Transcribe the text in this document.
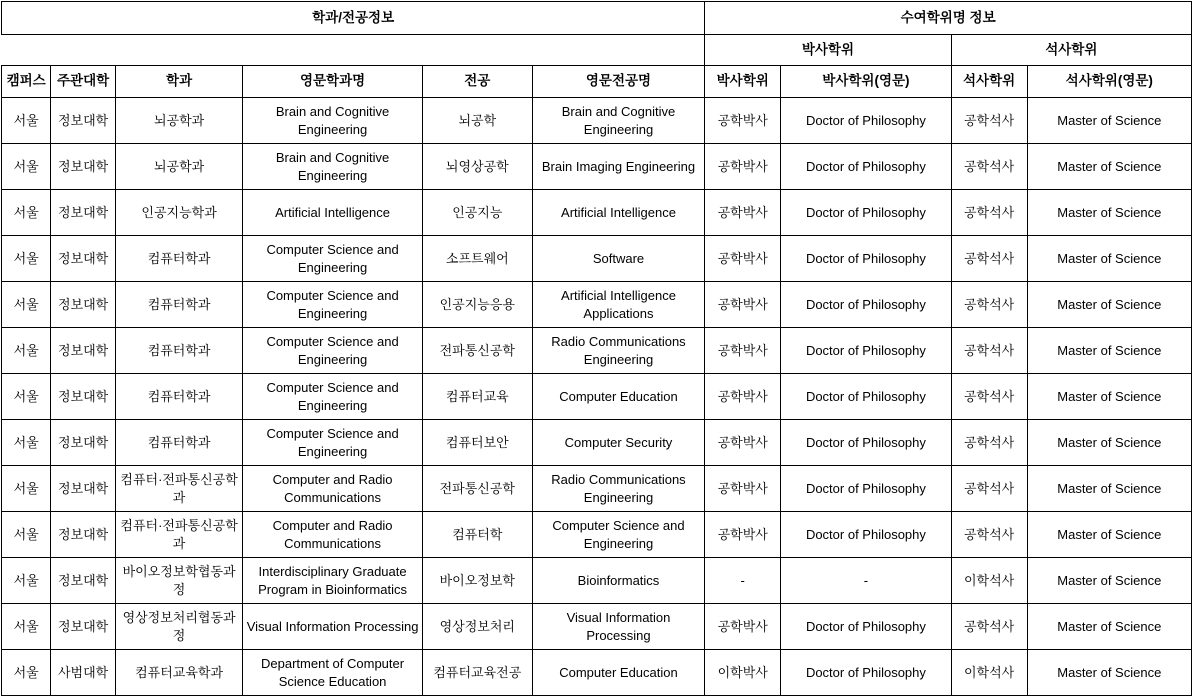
학과/전공정보						수여학위명 정보			
						박사학위		석사학위	
캠퍼스	주관대학	학과	영문학과명	전공	영문전공명	박사학위	박사학위(영문)	석사학위	석사학위(영문)
서울	정보대학	뇌공학과	Brain and Cognitive Engineering	뇌공학	Brain and Cognitive Engineering	공학박사	Doctor of Philosophy	공학석사	Master of Science
서울	정보대학	뇌공학과	Brain and Cognitive Engineering	뇌영상공학	Brain Imaging Engineering	공학박사	Doctor of Philosophy	공학석사	Master of Science
서울	정보대학	인공지능학과	Artificial Intelligence	인공지능	Artificial Intelligence	공학박사	Doctor of Philosophy	공학석사	Master of Science
서울	정보대학	컴퓨터학과	Computer Science and Engineering	소프트웨어	Software	공학박사	Doctor of Philosophy	공학석사	Master of Science
서울	정보대학	컴퓨터학과	Computer Science and Engineering	인공지능응용	Artificial Intelligence Applications	공학박사	Doctor of Philosophy	공학석사	Master of Science
서울	정보대학	컴퓨터학과	Computer Science and Engineering	전파통신공학	Radio Communications Engineering	공학박사	Doctor of Philosophy	공학석사	Master of Science
서울	정보대학	컴퓨터학과	Computer Science and Engineering	컴퓨터교육	Computer Education	공학박사	Doctor of Philosophy	공학석사	Master of Science
서울	정보대학	컴퓨터학과	Computer Science and Engineering	컴퓨터보안	Computer Security	공학박사	Doctor of Philosophy	공학석사	Master of Science
서울	정보대학	컴퓨터·전파통신공학과	Computer and Radio Communications	전파통신공학	Radio Communications Engineering	공학박사	Doctor of Philosophy	공학석사	Master of Science
서울	정보대학	컴퓨터·전파통신공학과	Computer and Radio Communications	컴퓨터학	Computer Science and Engineering	공학박사	Doctor of Philosophy	공학석사	Master of Science
서울	정보대학	바이오정보학협동과정	Interdisciplinary Graduate Program in Bioinformatics	바이오정보학	Bioinformatics	-	-	이학석사	Master of Science
서울	정보대학	영상정보처리협동과정	Visual Information Processing	영상정보처리	Visual Information Processing	공학박사	Doctor of Philosophy	공학석사	Master of Science
서울	사범대학	컴퓨터교육학과	Department of Computer Science Education	컴퓨터교육전공	Computer Education	이학박사	Doctor of Philosophy	이학석사	Master of Science
